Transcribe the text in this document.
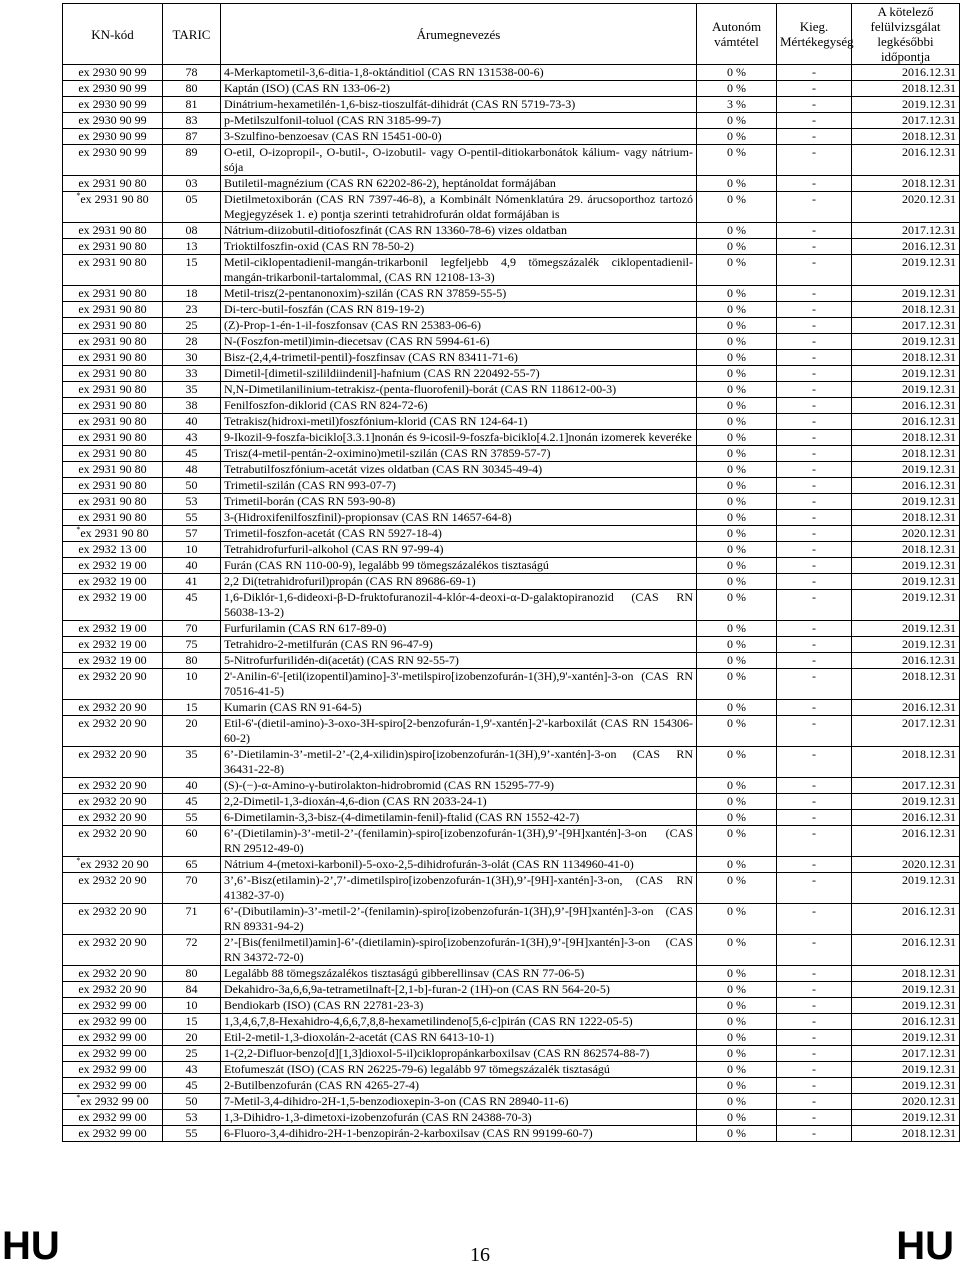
KN-kód	TARIC	Árumegnevezés	Autonóm vámtétel	Kieg. Mértékegység	A kötelező felülvizsgálat legkésőbbi időpontja
ex 2930 90 99	78	4-Merkaptometil-3,6-ditia-1,8-oktánditiol (CAS RN 131538-00-6)	0 %	-	2016.12.31
ex 2930 90 99	80	Kaptán (ISO) (CAS RN 133-06-2)	0 %	-	2018.12.31
ex 2930 90 99	81	Dinátrium-hexametilén-1,6-bisz-tioszulfát-dihidrát (CAS RN 5719-73-3)	3 %	-	2019.12.31
ex 2930 90 99	83	p-Metilszulfonil-toluol (CAS RN 3185-99-7)	0 %	-	2017.12.31
ex 2930 90 99	87	3-Szulfino-benzoesav (CAS RN 15451-00-0)	0 %	-	2018.12.31
ex 2930 90 99	89	O-etil, O-izopropil-, O-butil-, O-izobutil- vagy O-pentil-ditiokarbonátok kálium- vagy nátrium-sója	0 %	-	2016.12.31
ex 2931 90 80	03	Butiletil-magnézium (CAS RN 62202-86-2), heptánoldat formájában	0 %	-	2018.12.31
*ex 2931 90 80	05	Dietilmetoxiborán (CAS RN 7397-46-8), a Kombinált Nómenklatúra 29. árucsoporthoz tartozó Megjegyzések 1. e) pontja szerinti tetrahidrofurán oldat formájában is	0 %	-	2020.12.31
ex 2931 90 80	08	Nátrium-diizobutil-ditiofoszfinát (CAS RN 13360-78-6) vizes oldatban	0 %	-	2017.12.31
ex 2931 90 80	13	Trioktilfoszfin-oxid (CAS RN 78-50-2)	0 %	-	2016.12.31
ex 2931 90 80	15	Metil-ciklopentadienil-mangán-trikarbonil legfeljebb 4,9 tömegszázalék ciklopentadienil-mangán-trikarbonil-tartalommal, (CAS RN 12108-13-3)	0 %	-	2019.12.31
ex 2931 90 80	18	Metil-trisz(2-pentanonoxim)-szilán (CAS RN 37859-55-5)	0 %	-	2019.12.31
ex 2931 90 80	23	Di-terc-butil-foszfán (CAS RN 819-19-2)	0 %	-	2018.12.31
ex 2931 90 80	25	(Z)-Prop-1-én-1-il-foszfonsav (CAS RN 25383-06-6)	0 %	-	2017.12.31
ex 2931 90 80	28	N-(Foszfon-metil)imin-diecetsav (CAS RN 5994-61-6)	0 %	-	2019.12.31
ex 2931 90 80	30	Bisz-(2,4,4-trimetil-pentil)-foszfinsav (CAS RN 83411-71-6)	0 %	-	2018.12.31
ex 2931 90 80	33	Dimetil-[dimetil-szilildiindenil]-hafnium (CAS RN 220492-55-7)	0 %	-	2019.12.31
ex 2931 90 80	35	N,N-Dimetilanilinium-tetrakisz-(penta-fluorofenil)-borát (CAS RN 118612-00-3)	0 %	-	2019.12.31
ex 2931 90 80	38	Fenilfoszfon-diklorid (CAS RN 824-72-6)	0 %	-	2016.12.31
ex 2931 90 80	40	Tetrakisz(hidroxi-metil)foszfónium-klorid (CAS RN 124-64-1)	0 %	-	2016.12.31
ex 2931 90 80	43	9-Ikozil-9-foszfa-biciklo[3.3.1]nonán és 9-icosil-9-foszfa-biciklo[4.2.1]nonán izomerek keveréke	0 %	-	2018.12.31
ex 2931 90 80	45	Trisz(4-metil-pentán-2-oximino)metil-szilán (CAS RN 37859-57-7)	0 %	-	2018.12.31
ex 2931 90 80	48	Tetrabutilfoszfónium-acetát vizes oldatban (CAS RN 30345-49-4)	0 %	-	2019.12.31
ex 2931 90 80	50	Trimetil-szilán (CAS RN 993-07-7)	0 %	-	2016.12.31
ex 2931 90 80	53	Trimetil-borán (CAS RN 593-90-8)	0 %	-	2019.12.31
ex 2931 90 80	55	3-(Hidroxifenilfoszfinil)-propionsav (CAS RN 14657-64-8)	0 %	-	2018.12.31
*ex 2931 90 80	57	Trimetil-foszfon-acetát (CAS RN 5927-18-4)	0 %	-	2020.12.31
ex 2932 13 00	10	Tetrahidrofurfuril-alkohol (CAS RN 97-99-4)	0 %	-	2018.12.31
ex 2932 19 00	40	Furán (CAS RN 110-00-9), legalább 99 tömegszázalékos tisztaságú	0 %	-	2019.12.31
ex 2932 19 00	41	2,2 Di(tetrahidrofuril)propán (CAS RN 89686-69-1)	0 %	-	2019.12.31
ex 2932 19 00	45	1,6-Diklór-1,6-dideoxi-β-D-fruktofuranozil-4-klór-4-deoxi-α-D-galaktopiranozid (CAS RN 56038-13-2)	0 %	-	2019.12.31
ex 2932 19 00	70	Furfurilamin (CAS RN 617-89-0)	0 %	-	2019.12.31
ex 2932 19 00	75	Tetrahidro-2-metilfurán (CAS RN 96-47-9)	0 %	-	2019.12.31
ex 2932 19 00	80	5-Nitrofurfurilidén-di(acetát) (CAS RN 92-55-7)	0 %	-	2016.12.31
ex 2932 20 90	10	2'-Anilin-6'-[etil(izopentil)amino]-3'-metilspiro[izobenzofurán-1(3H),9'-xantén]-3-on (CAS RN 70516-41-5)	0 %	-	2018.12.31
ex 2932 20 90	15	Kumarin (CAS RN 91-64-5)	0 %	-	2016.12.31
ex 2932 20 90	20	Etil-6'-(dietil-amino)-3-oxo-3H-spiro[2-benzofurán-1,9'-xantén]-2'-karboxilát (CAS RN 154306-60-2)	0 %	-	2017.12.31
ex 2932 20 90	35	6’-Dietilamin-3’-metil-2’-(2,4-xilidin)spiro[izobenzofurán-1(3H),9’-xantén]-3-on (CAS RN 36431-22-8)	0 %	-	2018.12.31
ex 2932 20 90	40	(S)-(−)-α-Amino-γ-butirolakton-hidrobromid (CAS RN 15295-77-9)	0 %	-	2017.12.31
ex 2932 20 90	45	2,2-Dimetil-1,3-dioxán-4,6-dion (CAS RN 2033-24-1)	0 %	-	2019.12.31
ex 2932 20 90	55	6-Dimetilamin-3,3-bisz-(4-dimetilamin-fenil)-ftalid (CAS RN 1552-42-7)	0 %	-	2016.12.31
ex 2932 20 90	60	6’-(Dietilamin)-3’-metil-2’-(fenilamin)-spiro[izobenzofurán-1(3H),9’-[9H]xantén]-3-on (CAS RN 29512-49-0)	0 %	-	2016.12.31
*ex 2932 20 90	65	Nátrium 4-(metoxi-karbonil)-5-oxo-2,5-dihidrofurán-3-olát (CAS RN 1134960-41-0)	0 %	-	2020.12.31
ex 2932 20 90	70	3’,6’-Bisz(etilamin)-2’,7’-dimetilspiro[izobenzofurán-1(3H),9’-[9H]-xantén]-3-on, (CAS RN 41382-37-0)	0 %	-	2019.12.31
ex 2932 20 90	71	6’-(Dibutilamin)-3’-metil-2’-(fenilamin)-spiro[izobenzofurán-1(3H),9’-[9H]xantén]-3-on (CAS RN 89331-94-2)	0 %	-	2016.12.31
ex 2932 20 90	72	2’-[Bis(fenilmetil)amin]-6’-(dietilamin)-spiro[izobenzofurán-1(3H),9’-[9H]xantén]-3-on (CAS RN 34372-72-0)	0 %	-	2016.12.31
ex 2932 20 90	80	Legalább 88 tömegszázalékos tisztaságú gibberellinsav (CAS RN 77-06-5)	0 %	-	2018.12.31
ex 2932 20 90	84	Dekahidro-3a,6,6,9a-tetrametilnaft-[2,1-b]-furan-2 (1H)-on (CAS RN 564-20-5)	0 %	-	2019.12.31
ex 2932 99 00	10	Bendiokarb (ISO) (CAS RN 22781-23-3)	0 %	-	2019.12.31
ex 2932 99 00	15	1,3,4,6,7,8-Hexahidro-4,6,6,7,8,8-hexametilindeno[5,6-c]pirán (CAS RN 1222-05-5)	0 %	-	2016.12.31
ex 2932 99 00	20	Etil-2-metil-1,3-dioxolán-2-acetát (CAS RN 6413-10-1)	0 %	-	2019.12.31
ex 2932 99 00	25	1-(2,2-Difluor-benzo[d][1,3]dioxol-5-il)ciklopropánkarboxilsav (CAS RN 862574-88-7)	0 %	-	2017.12.31
ex 2932 99 00	43	Etofumeszát (ISO) (CAS RN 26225-79-6) legalább 97 tömegszázalék tisztaságú	0 %	-	2019.12.31
ex 2932 99 00	45	2-Butilbenzofurán (CAS RN 4265-27-4)	0 %	-	2019.12.31
*ex 2932 99 00	50	7-Metil-3,4-dihidro-2H-1,5-benzodioxepin-3-on (CAS RN 28940-11-6)	0 %	-	2020.12.31
ex 2932 99 00	53	1,3-Dihidro-1,3-dimetoxi-izobenzofurán (CAS RN 24388-70-3)	0 %	-	2019.12.31
ex 2932 99 00	55	6-Fluoro-3,4-dihidro-2H-1-benzopirán-2-karboxilsav (CAS RN 99199-60-7)	0 %	-	2018.12.31
HU	16	HU
